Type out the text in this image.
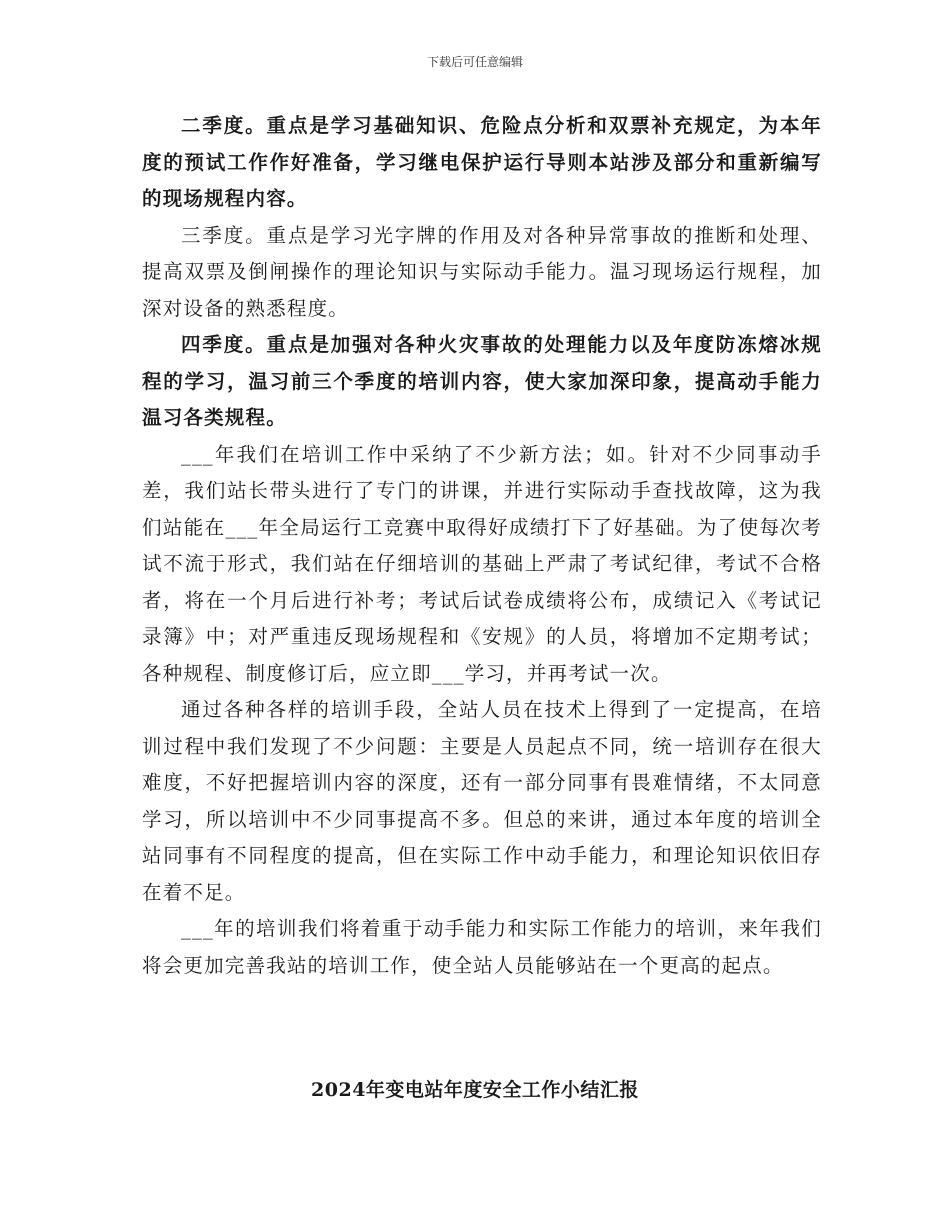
下载后可任意编辑

二季度。重点是学习基础知识、危险点分析和双票补充规定，为本年度的预试工作作好准备，学习继电保护运行导则本站涉及部分和重新编写的现场规程内容。

三季度。重点是学习光字牌的作用及对各种异常事故的推断和处理、提高双票及倒闸操作的理论知识与实际动手能力。温习现场运行规程，加深对设备的熟悉程度。

四季度。重点是加强对各种火灾事故的处理能力以及年度防冻熔冰规程的学习，温习前三个季度的培训内容，使大家加深印象，提高动手能力温习各类规程。

___年我们在培训工作中采纳了不少新方法；如。针对不少同事动手差，我们站长带头进行了专门的讲课，并进行实际动手查找故障，这为我们站能在___年全局运行工竞赛中取得好成绩打下了好基础。为了使每次考试不流于形式，我们站在仔细培训的基础上严肃了考试纪律，考试不合格者，将在一个月后进行补考；考试后试卷成绩将公布，成绩记入《考试记录簿》中；对严重违反现场规程和《安规》的人员，将增加不定期考试；各种规程、制度修订后，应立即___学习，并再考试一次。

通过各种各样的培训手段，全站人员在技术上得到了一定提高，在培训过程中我们发现了不少问题：主要是人员起点不同，统一培训存在很大难度，不好把握培训内容的深度，还有一部分同事有畏难情绪，不太同意学习，所以培训中不少同事提高不多。但总的来讲，通过本年度的培训全站同事有不同程度的提高，但在实际工作中动手能力，和理论知识依旧存在着不足。

___年的培训我们将着重于动手能力和实际工作能力的培训，来年我们将会更加完善我站的培训工作，使全站人员能够站在一个更高的起点。

2024年变电站年度安全工作小结汇报
